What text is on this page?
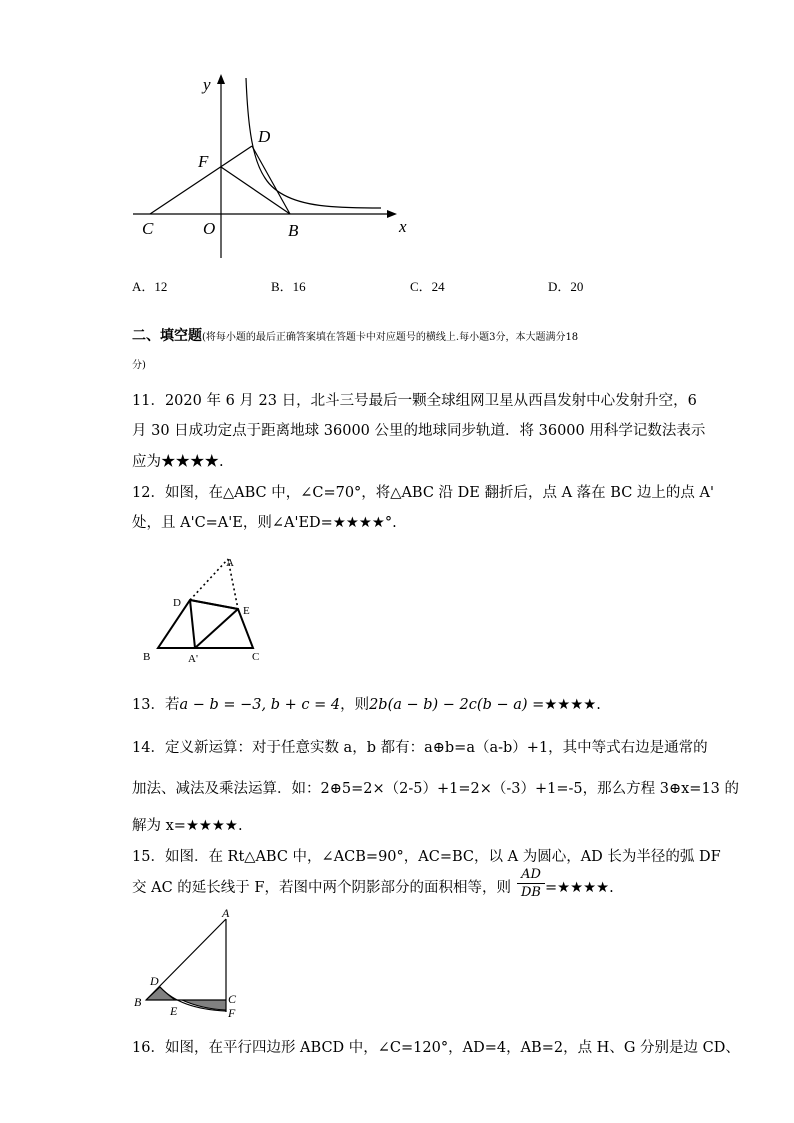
y
x
D
F
C	O	B
A．12	B．16	C．24	D．20
二、填空题(将每小题的最后正确答案填在答题卡中对应题号的横线上.每小题3分，本大题满分18
分)
11．2020 年 6 月 23 日，北斗三号最后一颗全球组网卫星从西昌发射中心发射升空，6
月 30 日成功定点于距离地球 36000 公里的地球同步轨道．将 36000 用科学记数法表示
应为★★★★.
12．如图，在△ABC 中，∠C=70°，将△ABC 沿 DE 翻折后，点 A 落在 BC 边上的点 A'
处，且 A'C=A'E，则∠A'ED=★★★★°.
A
D
E
B	A'	C
13．若a − b = −3, b + c = 4，则2b(a − b) − 2c(b − a) =★★★★.
14．定义新运算：对于任意实数 a，b 都有：a⊕b=a（a-b）+1，其中等式右边是通常的
加法、减法及乘法运算．如：2⊕5=2×（2-5）+1=2×（-3）+1=-5，那么方程 3⊕x=13 的
解为 x=★★★★.
15．如图．在 Rt△ABC 中，∠ACB=90°，AC=BC，以 A 为圆心，AD 长为半径的弧 DF
交 AC 的延长线于 F，若图中两个阴影部分的面积相等，则 $\frac{AD}{DB}$ =★★★★.
A
D
B
E
C
F
16．如图，在平行四边形 ABCD 中，∠C=120°，AD=4，AB=2，点 H、G 分别是边 CD、
